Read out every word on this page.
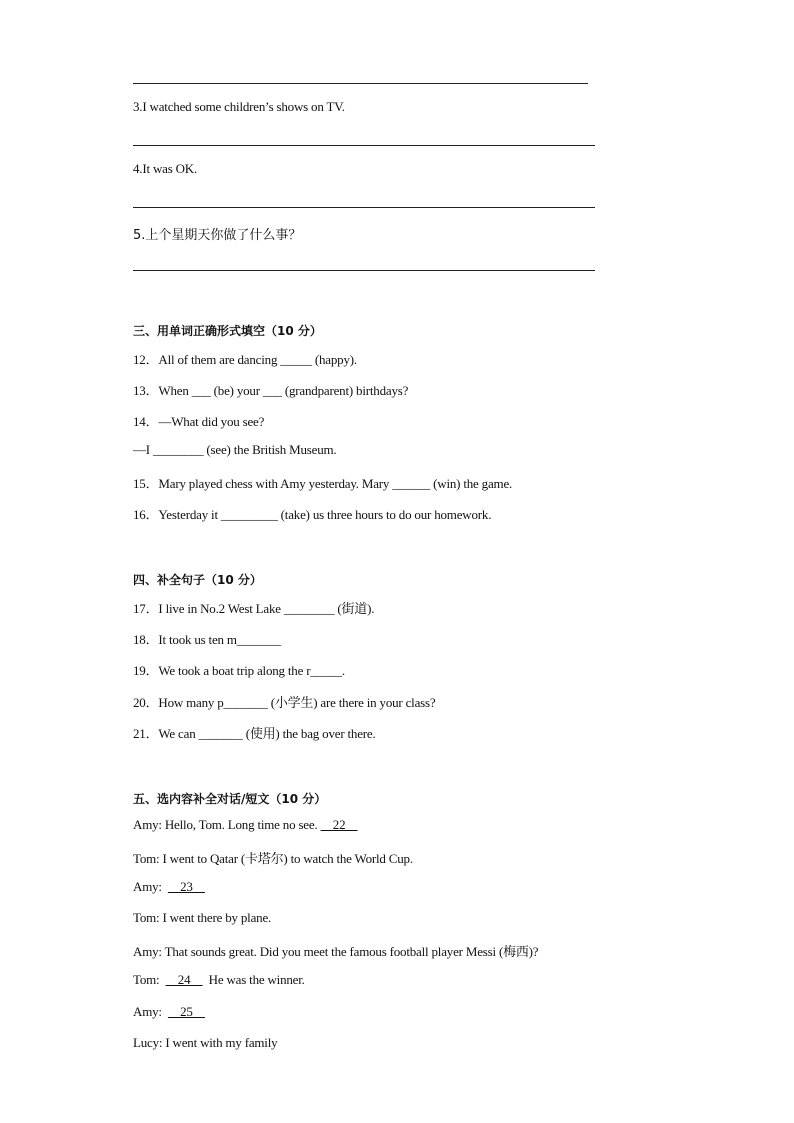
3.I watched some children’s shows on TV.
4.It was OK.
5.上个星期天你做了什么事？
三、用单词正确形式填空（10 分）
12．All of them are dancing _____ (happy).
13．When ___ (be) your ___ (grandparent) birthdays?
14．—What did you see?
—I ________ (see) the British Museum.
15．Mary played chess with Amy yesterday. Mary ______ (win) the game.
16．Yesterday it _________ (take) us three hours to do our homework.
四、补全句子（10 分）
17．I live in No.2 West Lake ________ (街道).
18．It took us ten m_______
19．We took a boat trip along the r_____.
20．How many p_______ (小学生) are there in your class?
21．We can _______ (使用) the bag over there.
五、选内容补全对话/短文（10 分）
Amy: Hello, Tom. Long time no see.     22
Tom: I went to Qatar (卡塔尔) to watch the World Cup.
Amy:      23
Tom: I went there by plane.
Amy: That sounds great. Did you meet the famous football player Messi (梅西)?
Tom:      24      He was the winner.
Amy:      25
Lucy: I went with my family
